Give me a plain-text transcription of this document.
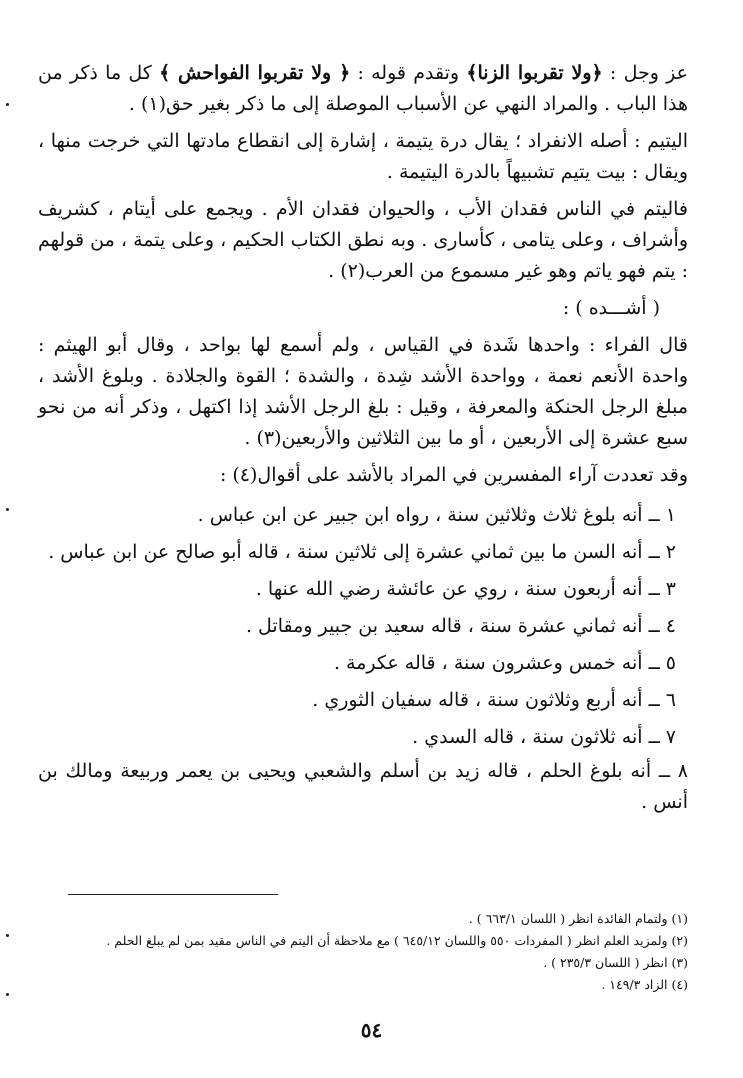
عز وجل : ﴿ولا تقربوا الزنا﴾ وتقدم قوله : ﴿ ولا تقربوا الفواحش ﴾ كل ما ذكر من هذا الباب . والمراد النهي عن الأسباب الموصلة إلى ما ذكر بغير حق(١) .

اليتيم : أصله الانفراد ؛ يقال درة يتيمة ، إشارة إلى انقطاع مادتها التي خرجت منها ، ويقال : بيت يتيم تشبيهاً بالدرة اليتيمة .

فاليتم في الناس فقدان الأب ، والحيوان فقدان الأم . ويجمع على أيتام ، كشريف وأشراف ، وعلى يتامى ، كأسارى . وبه نطق الكتاب الحكيم ، وعلى يتمة ، من قولهم : يتم فهو ياتم وهو غير مسموع من العرب(٢) .

( أشـــده ) :

قال الفراء : واحدها شَدة في القياس ، ولم أسمع لها بواحد ، وقال أبو الهيثم : واحدة الأنعم نعمة ، وواحدة الأشد شِدة ، والشدة ؛ القوة والجلادة . وبلوغ الأشد ، مبلغ الرجل الحنكة والمعرفة ، وقيل : بلغ الرجل الأشد إذا اكتهل ، وذكر أنه من نحو سبع عشرة إلى الأربعين ، أو ما بين الثلاثين والأربعين(٣) .

وقد تعددت آراء المفسرين في المراد بالأشد على أقوال(٤) :

١ ــ أنه بلوغ ثلاث وثلاثين سنة ، رواه ابن جبير عن ابن عباس .

٢ ــ أنه السن ما بين ثماني عشرة إلى ثلاثين سنة ، قاله أبو صالح عن ابن عباس .

٣ ــ أنه أربعون سنة ، روي عن عائشة رضي الله عنها .

٤ ــ أنه ثماني عشرة سنة ، قاله سعيد بن جبير ومقاتل .

٥ ــ أنه خمس وعشرون سنة ، قاله عكرمة .

٦ ــ أنه أربع وثلاثون سنة ، قاله سفيان الثوري .

٧ ــ أنه ثلاثون سنة ، قاله السدي .

٨ ــ أنه بلوغ الحلم ، قاله زيد بن أسلم والشعبي ويحيى بن يعمر وربيعة ومالك بن أنس .

(١) ولتمام الفائدة انظر ( اللسان ٦٦٣/١ ) .

(٢) ولمزيد العلم انظر ( المفردات ٥٥٠ واللسان ٦٤٥/١٢ ) مع ملاحظة أن اليتم في الناس مقيد بمن لم يبلغ الحلم .

(٣) انظر ( اللسان ٢٣٥/٣ ) .

(٤) الزاد ١٤٩/٣ .

٥٤
